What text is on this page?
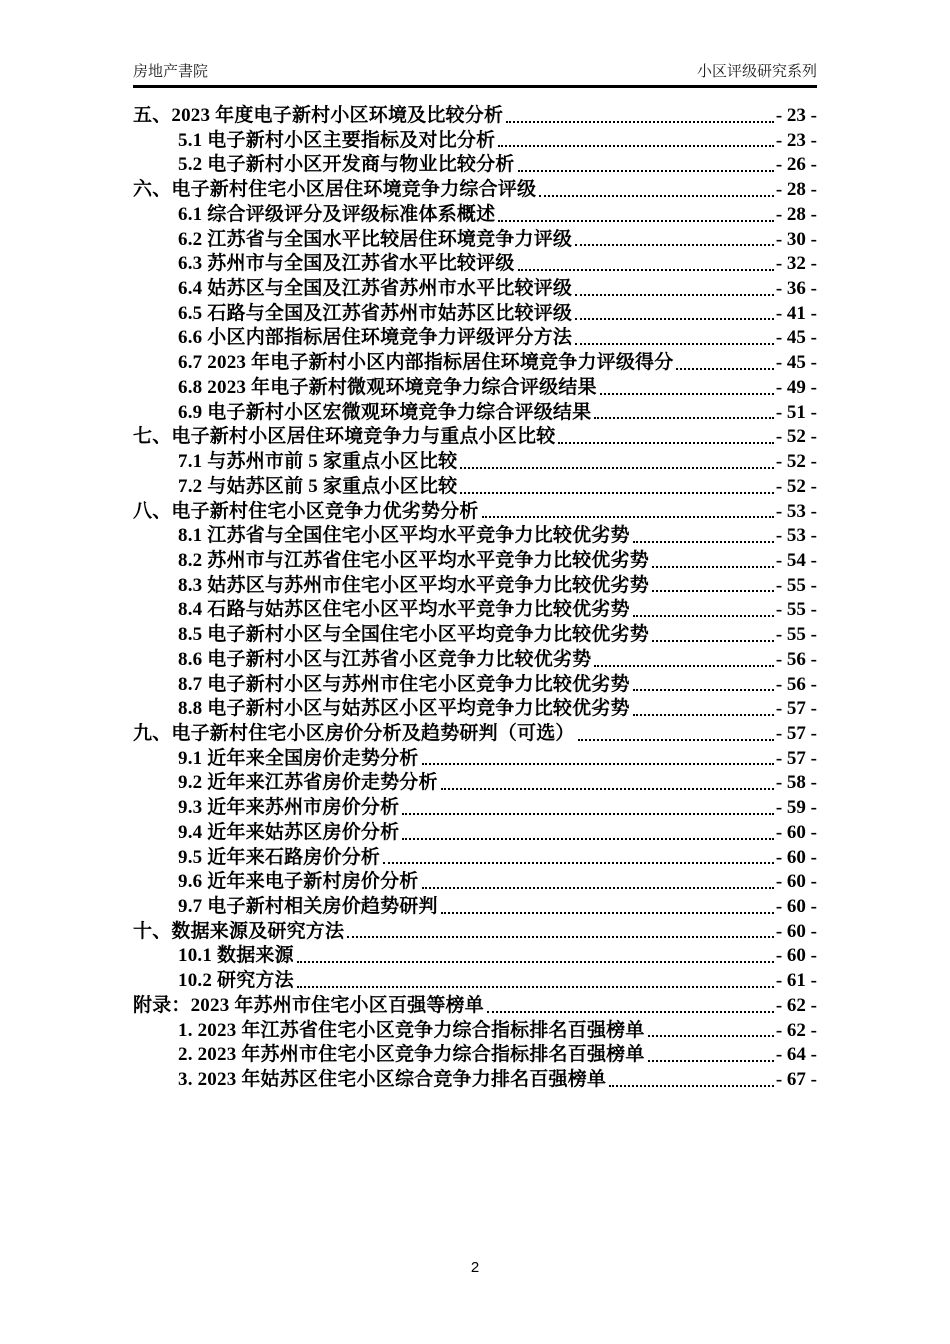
房地产書院	小区评级研究系列
五、2023 年度电子新村小区环境及比较分析	- 23 -
5.1 电子新村小区主要指标及对比分析	- 23 -
5.2 电子新村小区开发商与物业比较分析	- 26 -
六、电子新村住宅小区居住环境竞争力综合评级	- 28 -
6.1 综合评级评分及评级标准体系概述	- 28 -
6.2 江苏省与全国水平比较居住环境竞争力评级	- 30 -
6.3 苏州市与全国及江苏省水平比较评级	- 32 -
6.4 姑苏区与全国及江苏省苏州市水平比较评级	- 36 -
6.5 石路与全国及江苏省苏州市姑苏区比较评级	- 41 -
6.6 小区内部指标居住环境竞争力评级评分方法	- 45 -
6.7 2023 年电子新村小区内部指标居住环境竞争力评级得分	- 45 -
6.8 2023 年电子新村微观环境竞争力综合评级结果	- 49 -
6.9 电子新村小区宏微观环境竞争力综合评级结果	- 51 -
七、电子新村小区居住环境竞争力与重点小区比较	- 52 -
7.1 与苏州市前 5 家重点小区比较	- 52 -
7.2 与姑苏区前 5 家重点小区比较	- 52 -
八、电子新村住宅小区竞争力优劣势分析	- 53 -
8.1 江苏省与全国住宅小区平均水平竞争力比较优劣势	- 53 -
8.2 苏州市与江苏省住宅小区平均水平竞争力比较优劣势	- 54 -
8.3 姑苏区与苏州市住宅小区平均水平竞争力比较优劣势	- 55 -
8.4 石路与姑苏区住宅小区平均水平竞争力比较优劣势	- 55 -
8.5 电子新村小区与全国住宅小区平均竞争力比较优劣势	- 55 -
8.6 电子新村小区与江苏省小区竞争力比较优劣势	- 56 -
8.7 电子新村小区与苏州市住宅小区竞争力比较优劣势	- 56 -
8.8 电子新村小区与姑苏区小区平均竞争力比较优劣势	- 57 -
九、电子新村住宅小区房价分析及趋势研判（可选）	- 57 -
9.1 近年来全国房价走势分析	- 57 -
9.2 近年来江苏省房价走势分析	- 58 -
9.3 近年来苏州市房价分析	- 59 -
9.4 近年来姑苏区房价分析	- 60 -
9.5 近年来石路房价分析	- 60 -
9.6 近年来电子新村房价分析	- 60 -
9.7 电子新村相关房价趋势研判	- 60 -
十、数据来源及研究方法	- 60 -
10.1 数据来源	- 60 -
10.2 研究方法	- 61 -
附录：2023 年苏州市住宅小区百强等榜单	- 62 -
1. 2023 年江苏省住宅小区竞争力综合指标排名百强榜单	- 62 -
2. 2023 年苏州市住宅小区竞争力综合指标排名百强榜单	- 64 -
3. 2023 年姑苏区住宅小区综合竞争力排名百强榜单	- 67 -
2
